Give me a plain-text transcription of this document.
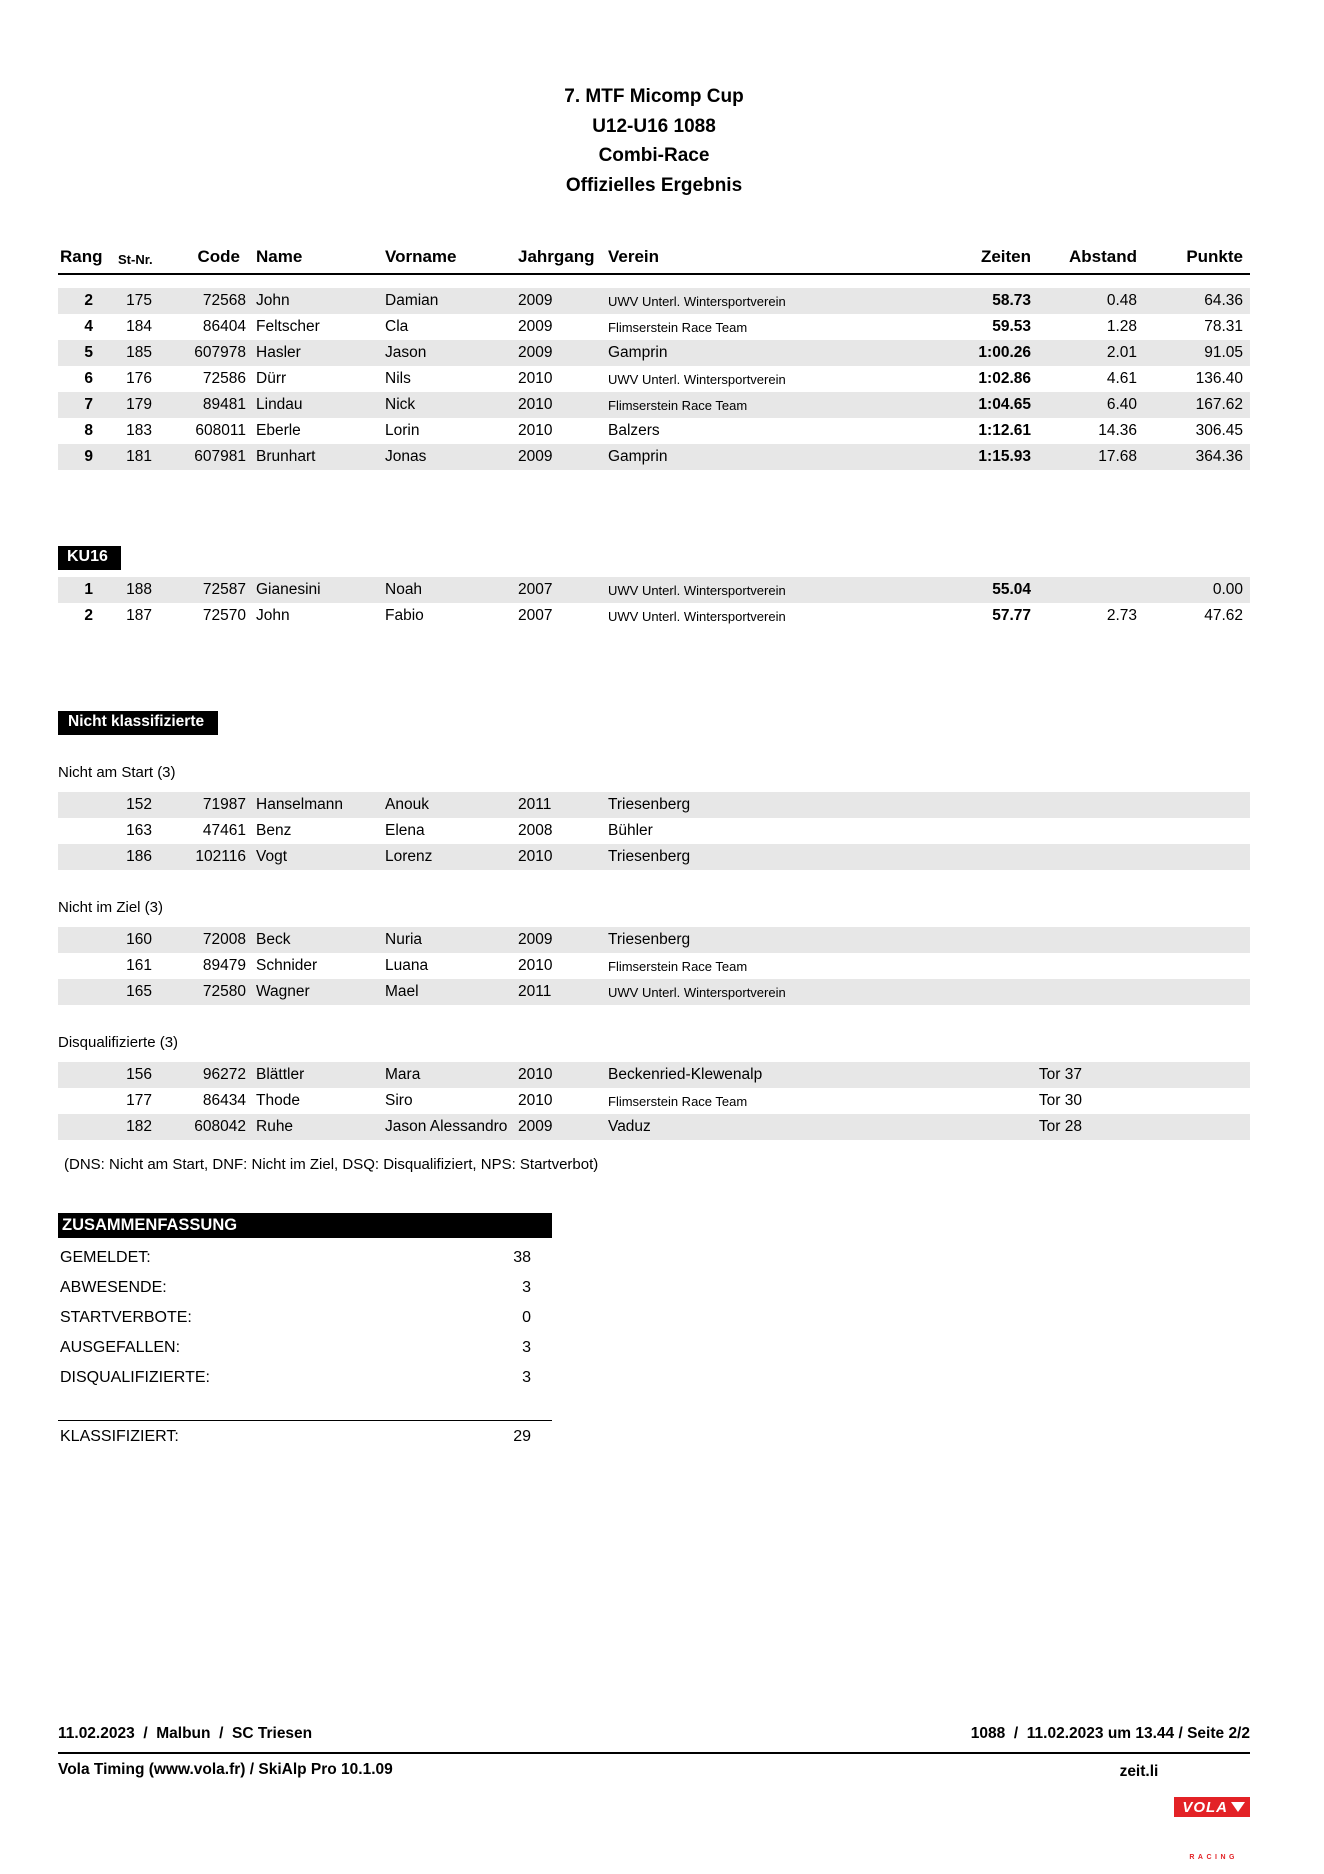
7. MTF Micomp Cup
U12-U16 1088
Combi-Race
Offizielles Ergebnis
Rang	St-Nr.	Code	Name	Vorname	Jahrgang	Verein	Zeiten	Abstand	Punkte

2	175	72568	John	Damian	2009	UWV Unterl. Wintersportverein	58.73	0.48	64.36
4	184	86404	Feltscher	Cla	2009	Flimserstein Race Team	59.53	1.28	78.31
5	185	607978	Hasler	Jason	2009	Gamprin	1:00.26	2.01	91.05
6	176	72586	Dürr	Nils	2010	UWV Unterl. Wintersportverein	1:02.86	4.61	136.40
7	179	89481	Lindau	Nick	2010	Flimserstein Race Team	1:04.65	6.40	167.62
8	183	608011	Eberle	Lorin	2010	Balzers	1:12.61	14.36	306.45
9	181	607981	Brunhart	Jonas	2009	Gamprin	1:15.93	17.68	364.36
KU16
1	188	72587	Gianesini	Noah	2007	UWV Unterl. Wintersportverein	55.04		0.00
2	187	72570	John	Fabio	2007	UWV Unterl. Wintersportverein	57.77	2.73	47.62
Nicht klassifizierte
Nicht am Start (3)
	152	71987	Hanselmann	Anouk	2011	Triesenberg			
	163	47461	Benz	Elena	2008	Bühler			
	186	102116	Vogt	Lorenz	2010	Triesenberg			
Nicht im Ziel (3)
	160	72008	Beck	Nuria	2009	Triesenberg			
	161	89479	Schnider	Luana	2010	Flimserstein Race Team			
	165	72580	Wagner	Mael	2011	UWV Unterl. Wintersportverein			
Disqualifizierte (3)
	156	96272	Blättler	Mara	2010	Beckenried-Klewenalp		Tor 37	
	177	86434	Thode	Siro	2010	Flimserstein Race Team		Tor 30	
	182	608042	Ruhe	Jason Alessandro	2009	Vaduz		Tor 28	
(DNS: Nicht am Start, DNF: Nicht im Ziel, DSQ: Disqualifiziert, NPS: Startverbot)
ZUSAMMENFASSUNG
GEMELDET:	38
ABWESENDE:	3
STARTVERBOTE:	0
AUSGEFALLEN:	3
DISQUALIFIZIERTE:	3
KLASSIFIZIERT:	29
11.02.2023  /  Malbun  /  SC Triesen	1088  /  11.02.2023 um 13.44 / Seite 2/2
Vola Timing (www.vola.fr) / SkiAlp Pro 10.1.09	zeit.li

VOLA

RACING
